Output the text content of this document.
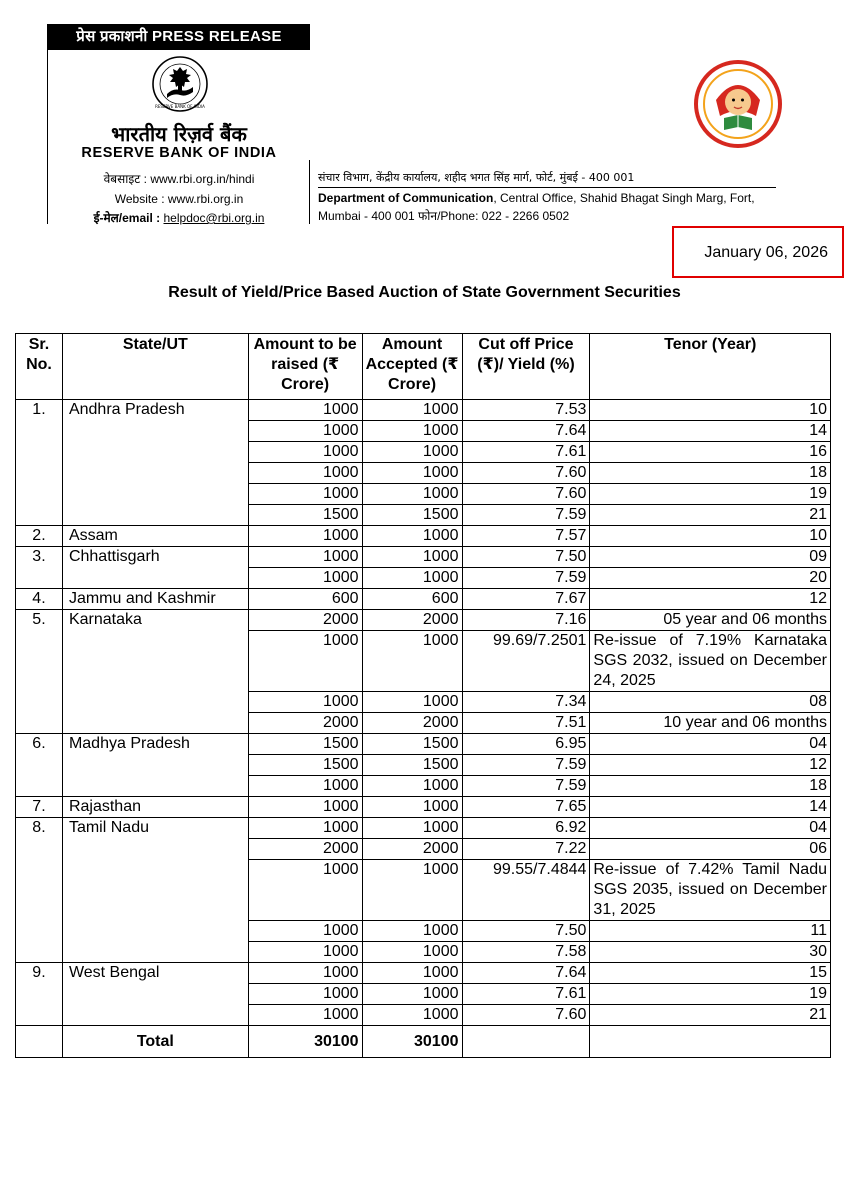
प्रेस प्रकाशनी PRESS RELEASE
RESERVE BANK OF INDIA
भारतीय रिज़र्व बैंक
RESERVE BANK OF INDIA
वेबसाइट : www.rbi.org.in/hindi
Website : www.rbi.org.in
ई-मेल/email : helpdoc@rbi.org.in
संचार विभाग, केंद्रीय कार्यालय, शहीद भगत सिंह मार्ग, फोर्ट, मुंबई - 400 001
Department of Communication, Central Office, Shahid Bhagat Singh Marg, Fort,
Mumbai - 400 001 फोन/Phone: 022 - 2266 0502
January 06, 2026
Result of Yield/Price Based Auction of State Government Securities
Sr. No.	State/UT	Amount to be raised (₹ Crore)	Amount Accepted (₹ Crore)	Cut off Price (₹)/ Yield (%)	Tenor (Year)
1.	Andhra Pradesh	1000	1000	7.53	10
		1000	1000	7.64	14
		1000	1000	7.61	16
		1000	1000	7.60	18
		1000	1000	7.60	19
		1500	1500	7.59	21
2.	Assam	1000	1000	7.57	10
3.	Chhattisgarh	1000	1000	7.50	09
		1000	1000	7.59	20
4.	Jammu and Kashmir	600	600	7.67	12
5.	Karnataka	2000	2000	7.16	05 year and 06 months
		1000	1000	99.69/7.2501	Re-issue of 7.19% Karnataka SGS 2032, issued on December 24, 2025
		1000	1000	7.34	08
		2000	2000	7.51	10 year and 06 months
6.	Madhya Pradesh	1500	1500	6.95	04
		1500	1500	7.59	12
		1000	1000	7.59	18
7.	Rajasthan	1000	1000	7.65	14
8.	Tamil Nadu	1000	1000	6.92	04
		2000	2000	7.22	06
		1000	1000	99.55/7.4844	Re-issue of 7.42% Tamil Nadu SGS 2035, issued on December 31, 2025
		1000	1000	7.50	11
		1000	1000	7.58	30
9.	West Bengal	1000	1000	7.64	15
		1000	1000	7.61	19
		1000	1000	7.60	21
	Total	30100	30100		
